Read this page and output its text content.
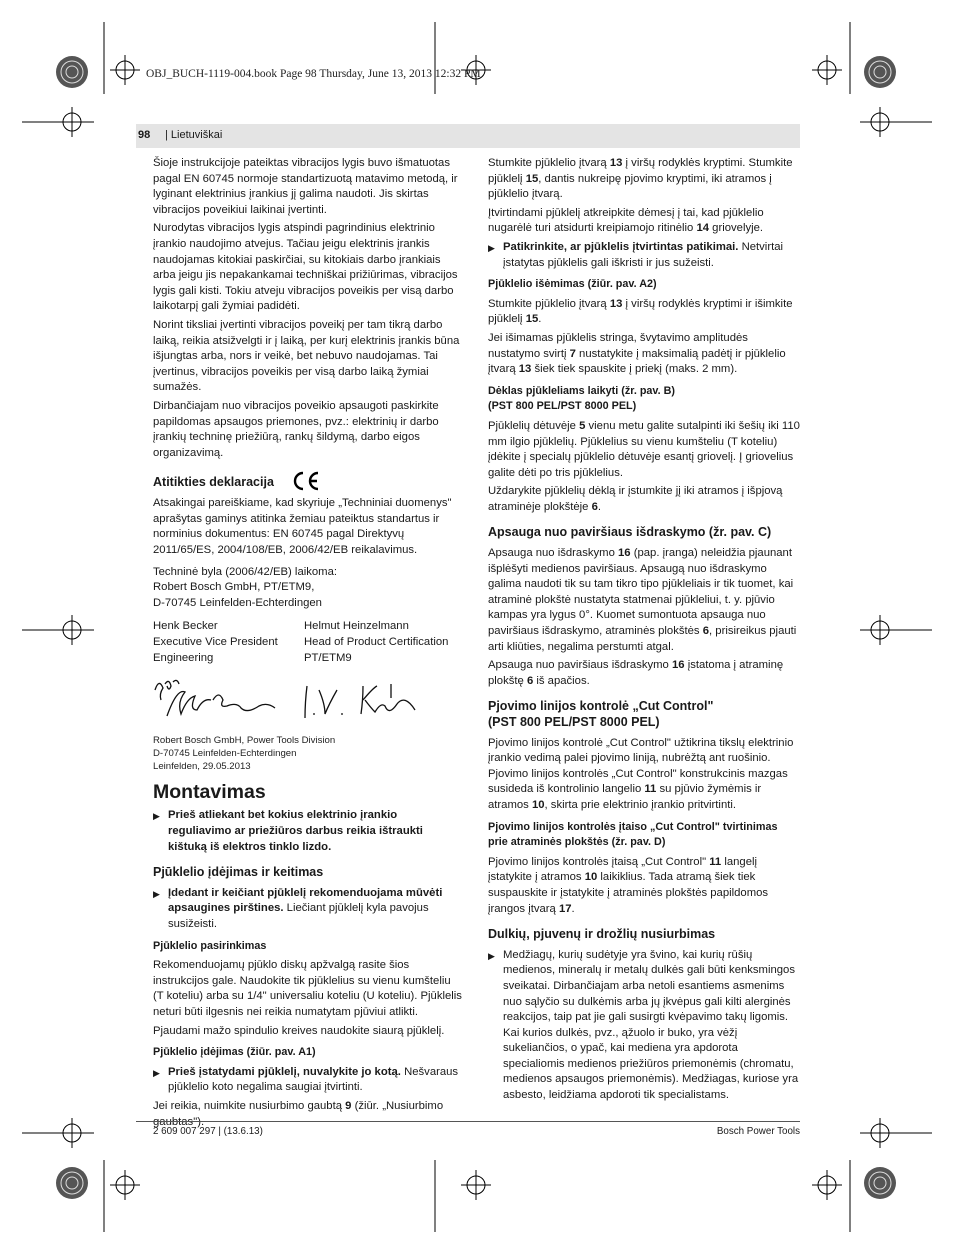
OBJ_BUCH-1119-004.book Page 98 Thursday, June 13, 2013 12:32 PM
98 | Lietuviškai

Šioje instrukcijoje pateiktas vibracijos lygis buvo išmatuotas pagal EN 60745 normoje standartizuotą matavimo metodą, ir lyginant elektrinius įrankius jį galima naudoti. Jis skirtas vibracijos poveikiui laikinai įvertinti.

Nurodytas vibracijos lygis atspindi pagrindinius elektrinio įrankio naudojimo atvejus. Tačiau jeigu elektrinis įrankis naudojamas kitokiai paskirčiai, su kitokiais darbo įrankiais arba jeigu jis nepakankamai techniškai prižiūrimas, vibracijos lygis gali kisti. Tokiu atveju vibracijos poveikis per visą darbo laikotarpį gali žymiai padidėti.

Norint tiksliai įvertinti vibracijos poveikį per tam tikrą darbo laiką, reikia atsižvelgti ir į laiką, per kurį elektrinis įrankis būna išjungtas arba, nors ir veikė, bet nebuvo naudojamas. Tai įvertinus, vibracijos poveikis per visą darbo laiką žymiai sumažės.

Dirbančiajam nuo vibracijos poveikio apsaugoti paskirkite papildomas apsaugos priemones, pvz.: elektrinių ir darbo įrankių techninę priežiūrą, rankų šildymą, darbo eigos organizavimą.

Atitikties deklaracija

Atsakingai pareiškiame, kad skyriuje „Techniniai duomenys" aprašytas gaminys atitinka žemiau pateiktus standartus ir norminius dokumentus: EN 60745 pagal Direktyvų 2011/65/ES, 2004/108/EB, 2006/42/EB reikalavimus.

Techninė byla (2006/42/EB) laikoma:
Robert Bosch GmbH, PT/ETM9,
D-70745 Leinfelden-Echterdingen

Henk Becker
Executive Vice President
Engineering
Helmut Heinzelmann
Head of Product Certification
PT/ETM9
Robert Bosch GmbH, Power Tools Division
D-70745 Leinfelden-Echterdingen
Leinfelden, 29.05.2013
Montavimas
▶ Prieš atliekant bet kokius elektrinio įrankio reguliavimo ar priežiūros darbus reikia ištraukti kištuką iš elektros tinklo lizdo.
Pjūklelio įdėjimas ir keitimas
▶ Įdedant ir keičiant pjūklelį rekomenduojama mūvėti apsaugines pirštines. Liečiant pjūklelį kyla pavojus susižeisti.
Pjūklelio pasirinkimas

Rekomenduojamų pjūklo diskų apžvalgą rasite šios instrukcijos gale. Naudokite tik pjūklelius su vienu kumšteliu (T koteliu) arba su 1/4" universaliu koteliu (U koteliu). Pjūklelis neturi būti ilgesnis nei reikia numatytam pjūviui atlikti.

Pjaudami mažo spindulio kreives naudokite siaurą pjūklelį.

Pjūklelio įdėjimas (žiūr. pav. A1)
▶ Prieš įstatydami pjūklelį, nuvalykite jo kotą. Nešvaraus pjūklelio koto negalima saugiai įtvirtinti.

Jei reikia, nuimkite nusiurbimo gaubtą 9 (žiūr. „Nusiurbimo gaubtas").

Stumkite pjūklelio įtvarą 13 į viršų rodyklės kryptimi. Stumkite pjūklelį 15, dantis nukreipę pjovimo kryptimi, iki atramos į pjūklelio įtvarą.

Įtvirtindami pjūklelį atkreipkite dėmesį į tai, kad pjūklelio nugarėlė turi atsidurti kreipiamojo ritinėlio 14 griovelyje.

▶ Patikrinkite, ar pjūklelis įtvirtintas patikimai. Netvirtai įstatytas pjūklelis gali iškristi ir jus sužeisti.
Pjūklelio išėmimas (žiūr. pav. A2)

Stumkite pjūklelio įtvarą 13 į viršų rodyklės kryptimi ir išimkite pjūklelį 15.

Jei išimamas pjūklelis stringa, švytavimo amplitudės nustatymo svirtį 7 nustatykite į maksimalią padėtį ir pjūklelio įtvarą 13 šiek tiek spauskite į priekį (maks. 2 mm).

Dėklas pjūkleliams laikyti (žr. pav. B)
(PST 800 PEL/PST 8000 PEL)

Pjūklelių dėtuvėje 5 vienu metu galite sutalpinti iki šešių iki 110 mm ilgio pjūklelių. Pjūklelius su vienu kumšteliu (T koteliu) įdėkite į specialų pjūklelio dėtuvėje esantį griovelį. Į griovelius galite dėti po tris pjūklelius.

Uždarykite pjūklelių dėklą ir įstumkite jį iki atramos į išpjovą atraminėje plokštėje 6.

Apsauga nuo paviršiaus išdraskymo (žr. pav. C)

Apsauga nuo išdraskymo 16 (pap. įranga) neleidžia pjaunant išplėšyti medienos paviršiaus. Apsaugą nuo išdraskymo galima naudoti tik su tam tikro tipo pjūkleliais ir tik tuomet, kai atraminė plokštė nustatyta statmenai pjūkleliui, t. y. pjūvio kampas yra lygus 0°. Kuomet sumontuota apsauga nuo paviršiaus išdraskymo, atraminės plokštės 6, prisireikus pjauti arti kliūties, negalima perstumti atgal.

Apsauga nuo paviršiaus išdraskymo 16 įstatoma į atraminę plokštę 6 iš apačios.

Pjovimo linijos kontrolė „Cut Control"
(PST 800 PEL/PST 8000 PEL)

Pjovimo linijos kontrolė „Cut Control" užtikrina tikslų elektrinio įrankio vedimą palei pjovimo liniją, nubrėžtą ant ruošinio. Pjovimo linijos kontrolės „Cut Control" konstrukcinis mazgas susideda iš kontrolinio langelio 11 su pjūvio žymėmis ir atramos 10, skirta prie elektrinio įrankio pritvirtinti.

Pjovimo linijos kontrolės įtaiso „Cut Control" tvirtinimas
prie atraminės plokštės (žr. pav. D)

Pjovimo linijos kontrolės įtaisą „Cut Control" 11 langelį įstatykite į atramos 10 laikiklius. Tada atramą šiek tiek suspauskite ir įstatykite į atraminės plokštės papildomos įrangos įtvarą 17.

Dulkių, pjuvenų ir drožlių nusiurbimas
▶ Medžiagų, kurių sudėtyje yra švino, kai kurių rūšių medienos, mineralų ir metalų dulkės gali būti kenksmingos sveikatai. Dirbančiajam arba netoli esantiems asmenims nuo sąlyčio su dulkėmis arba jų įkvėpus gali kilti alerginės reakcijos, taip pat jie gali susirgti kvėpavimo takų ligomis. Kai kurios dulkės, pvz., ąžuolo ir buko, yra vėžį sukeliančios, o ypač, kai mediena yra apdorota specialiomis medienos priežiūros priemonėmis (chromatu, medienos apsaugos priemonėmis). Medžiagas, kuriose yra asbesto, leidžiama apdoroti tik specialistams.
2 609 007 297 | (13.6.13)	Bosch Power Tools
